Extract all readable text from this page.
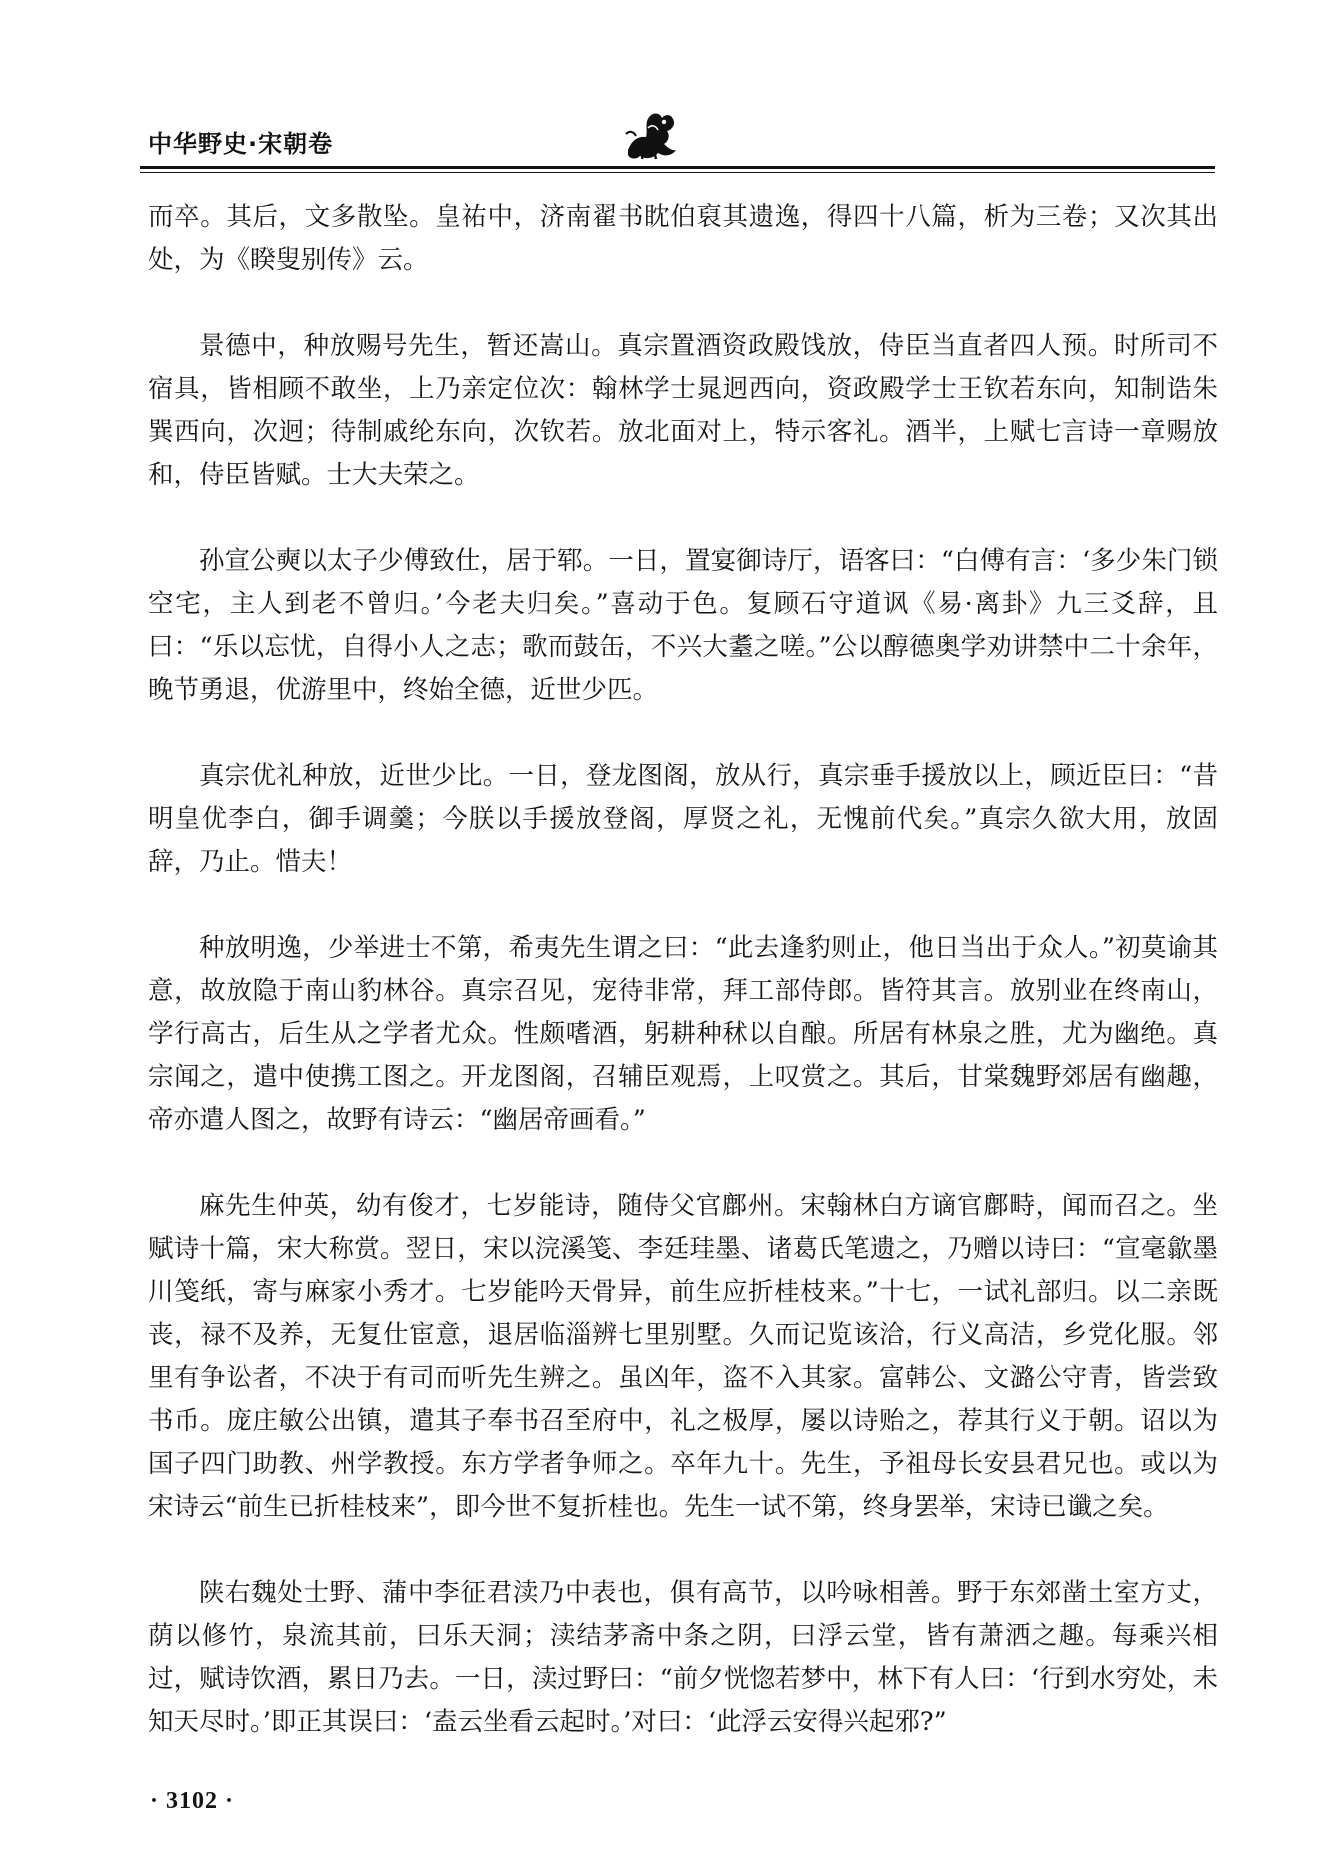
中华野史·宋朝卷

而卒。其后，文多散坠。皇祐中，济南翟书眈伯裒其遗逸，得四十八篇，析为三卷；又次其出处，为《睽叟别传》云。

景德中，种放赐号先生，暂还嵩山。真宗置酒资政殿饯放，侍臣当直者四人预。时所司不宿具，皆相顾不敢坐，上乃亲定位次：翰林学士晁迥西向，资政殿学士王钦若东向，知制诰朱巽西向，次迥；待制戚纶东向，次钦若。放北面对上，特示客礼。酒半，上赋七言诗一章赐放和，侍臣皆赋。士大夫荣之。

孙宣公奭以太子少傅致仕，居于郓。一日，置宴御诗厅，语客曰：“白傅有言：‘多少朱门锁空宅，主人到老不曾归。’今老夫归矣。”喜动于色。复顾石守道讽《易·离卦》九三爻辞，且曰：“乐以忘忧，自得小人之志；歌而鼓缶，不兴大耋之嗟。”公以醇德奥学劝讲禁中二十余年，晚节勇退，优游里中，终始全德，近世少匹。

真宗优礼种放，近世少比。一日，登龙图阁，放从行，真宗垂手援放以上，顾近臣曰：“昔明皇优李白，御手调羹；今朕以手援放登阁，厚贤之礼，无愧前代矣。”真宗久欲大用，放固辞，乃止。惜夫！

种放明逸，少举进士不第，希夷先生谓之曰：“此去逢豹则止，他日当出于众人。”初莫谕其意，故放隐于南山豹林谷。真宗召见，宠待非常，拜工部侍郎。皆符其言。放别业在终南山，学行高古，后生从之学者尤众。性颇嗜酒，躬耕种秫以自酿。所居有林泉之胜，尤为幽绝。真宗闻之，遣中使携工图之。开龙图阁，召辅臣观焉，上叹赏之。其后，甘棠魏野郊居有幽趣，帝亦遣人图之，故野有诗云：“幽居帝画看。”

麻先生仲英，幼有俊才，七岁能诗，随侍父官鄜州。宋翰林白方谪官鄜畤，闻而召之。坐赋诗十篇，宋大称赏。翌日，宋以浣溪笺、李廷珪墨、诸葛氏笔遗之，乃赠以诗曰：“宣毫歙墨川笺纸，寄与麻家小秀才。七岁能吟天骨异，前生应折桂枝来。”十七，一试礼部归。以二亲既丧，禄不及养，无复仕宦意，退居临淄辨七里别墅。久而记览该洽，行义高洁，乡党化服。邻里有争讼者，不决于有司而听先生辨之。虽凶年，盗不入其家。富韩公、文潞公守青，皆尝致书币。庞庄敏公出镇，遣其子奉书召至府中，礼之极厚，屡以诗贻之，荐其行义于朝。诏以为国子四门助教、州学教授。东方学者争师之。卒年九十。先生，予祖母长安县君兄也。或以为宋诗云“前生已折桂枝来”，即今世不复折桂也。先生一试不第，终身罢举，宋诗已谶之矣。

陕右魏处士野、蒲中李征君渎乃中表也，俱有高节，以吟咏相善。野于东郊凿土室方丈，荫以修竹，泉流其前，曰乐天洞；渎结茅斋中条之阴，曰浮云堂，皆有萧洒之趣。每乘兴相过，赋诗饮酒，累日乃去。一日，渎过野曰：“前夕恍惚若梦中，林下有人曰：‘行到水穷处，未知天尽时。’即正其误曰：‘盍云坐看云起时。’对曰：‘此浮云安得兴起邪?”

· 3102 ·
